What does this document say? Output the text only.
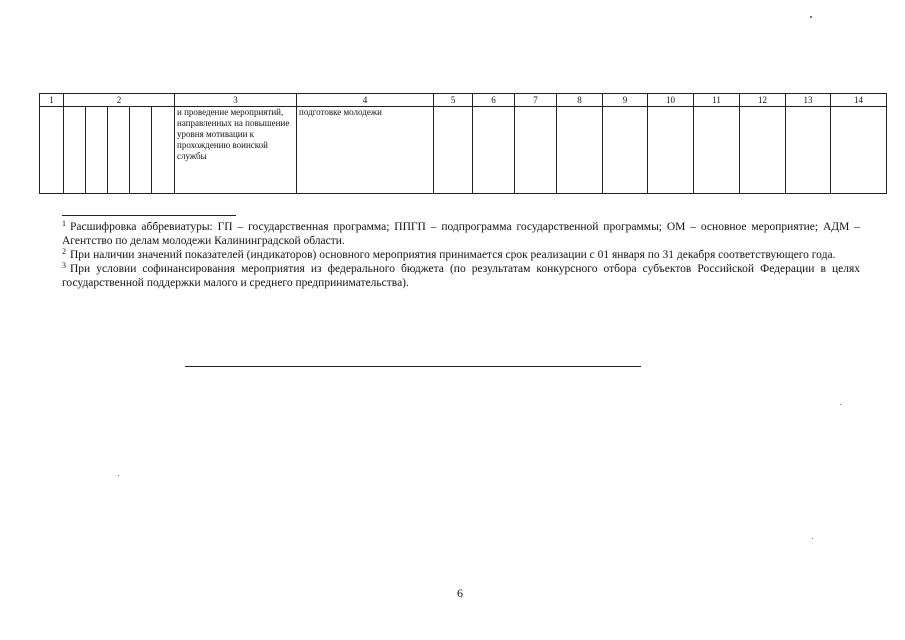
1	2					3	4	5	6	7	8	9	10	11	12	13	14
						и проведение мероприятий, направленных на повышение уровня мотивации к прохождению воинской службы	подготовке молодежи										

$^1$ Расшифровка аббревиатуры: ГП – государственная программа; ППГП – подпрограмма государственной программы; ОМ – основное мероприятие; АДМ – Агентство по делам молодежи Калининградской области.

$^2$ При наличии значений показателей (индикаторов) основного мероприятия принимается срок реализации с 01 января по 31 декабря соответствующего года.

$^3$ При условии софинансирования мероприятия из федерального бюджета (по результатам конкурсного отбора субъектов Российской Федерации в целях государственной поддержки малого и среднего предпринимательства).

6
